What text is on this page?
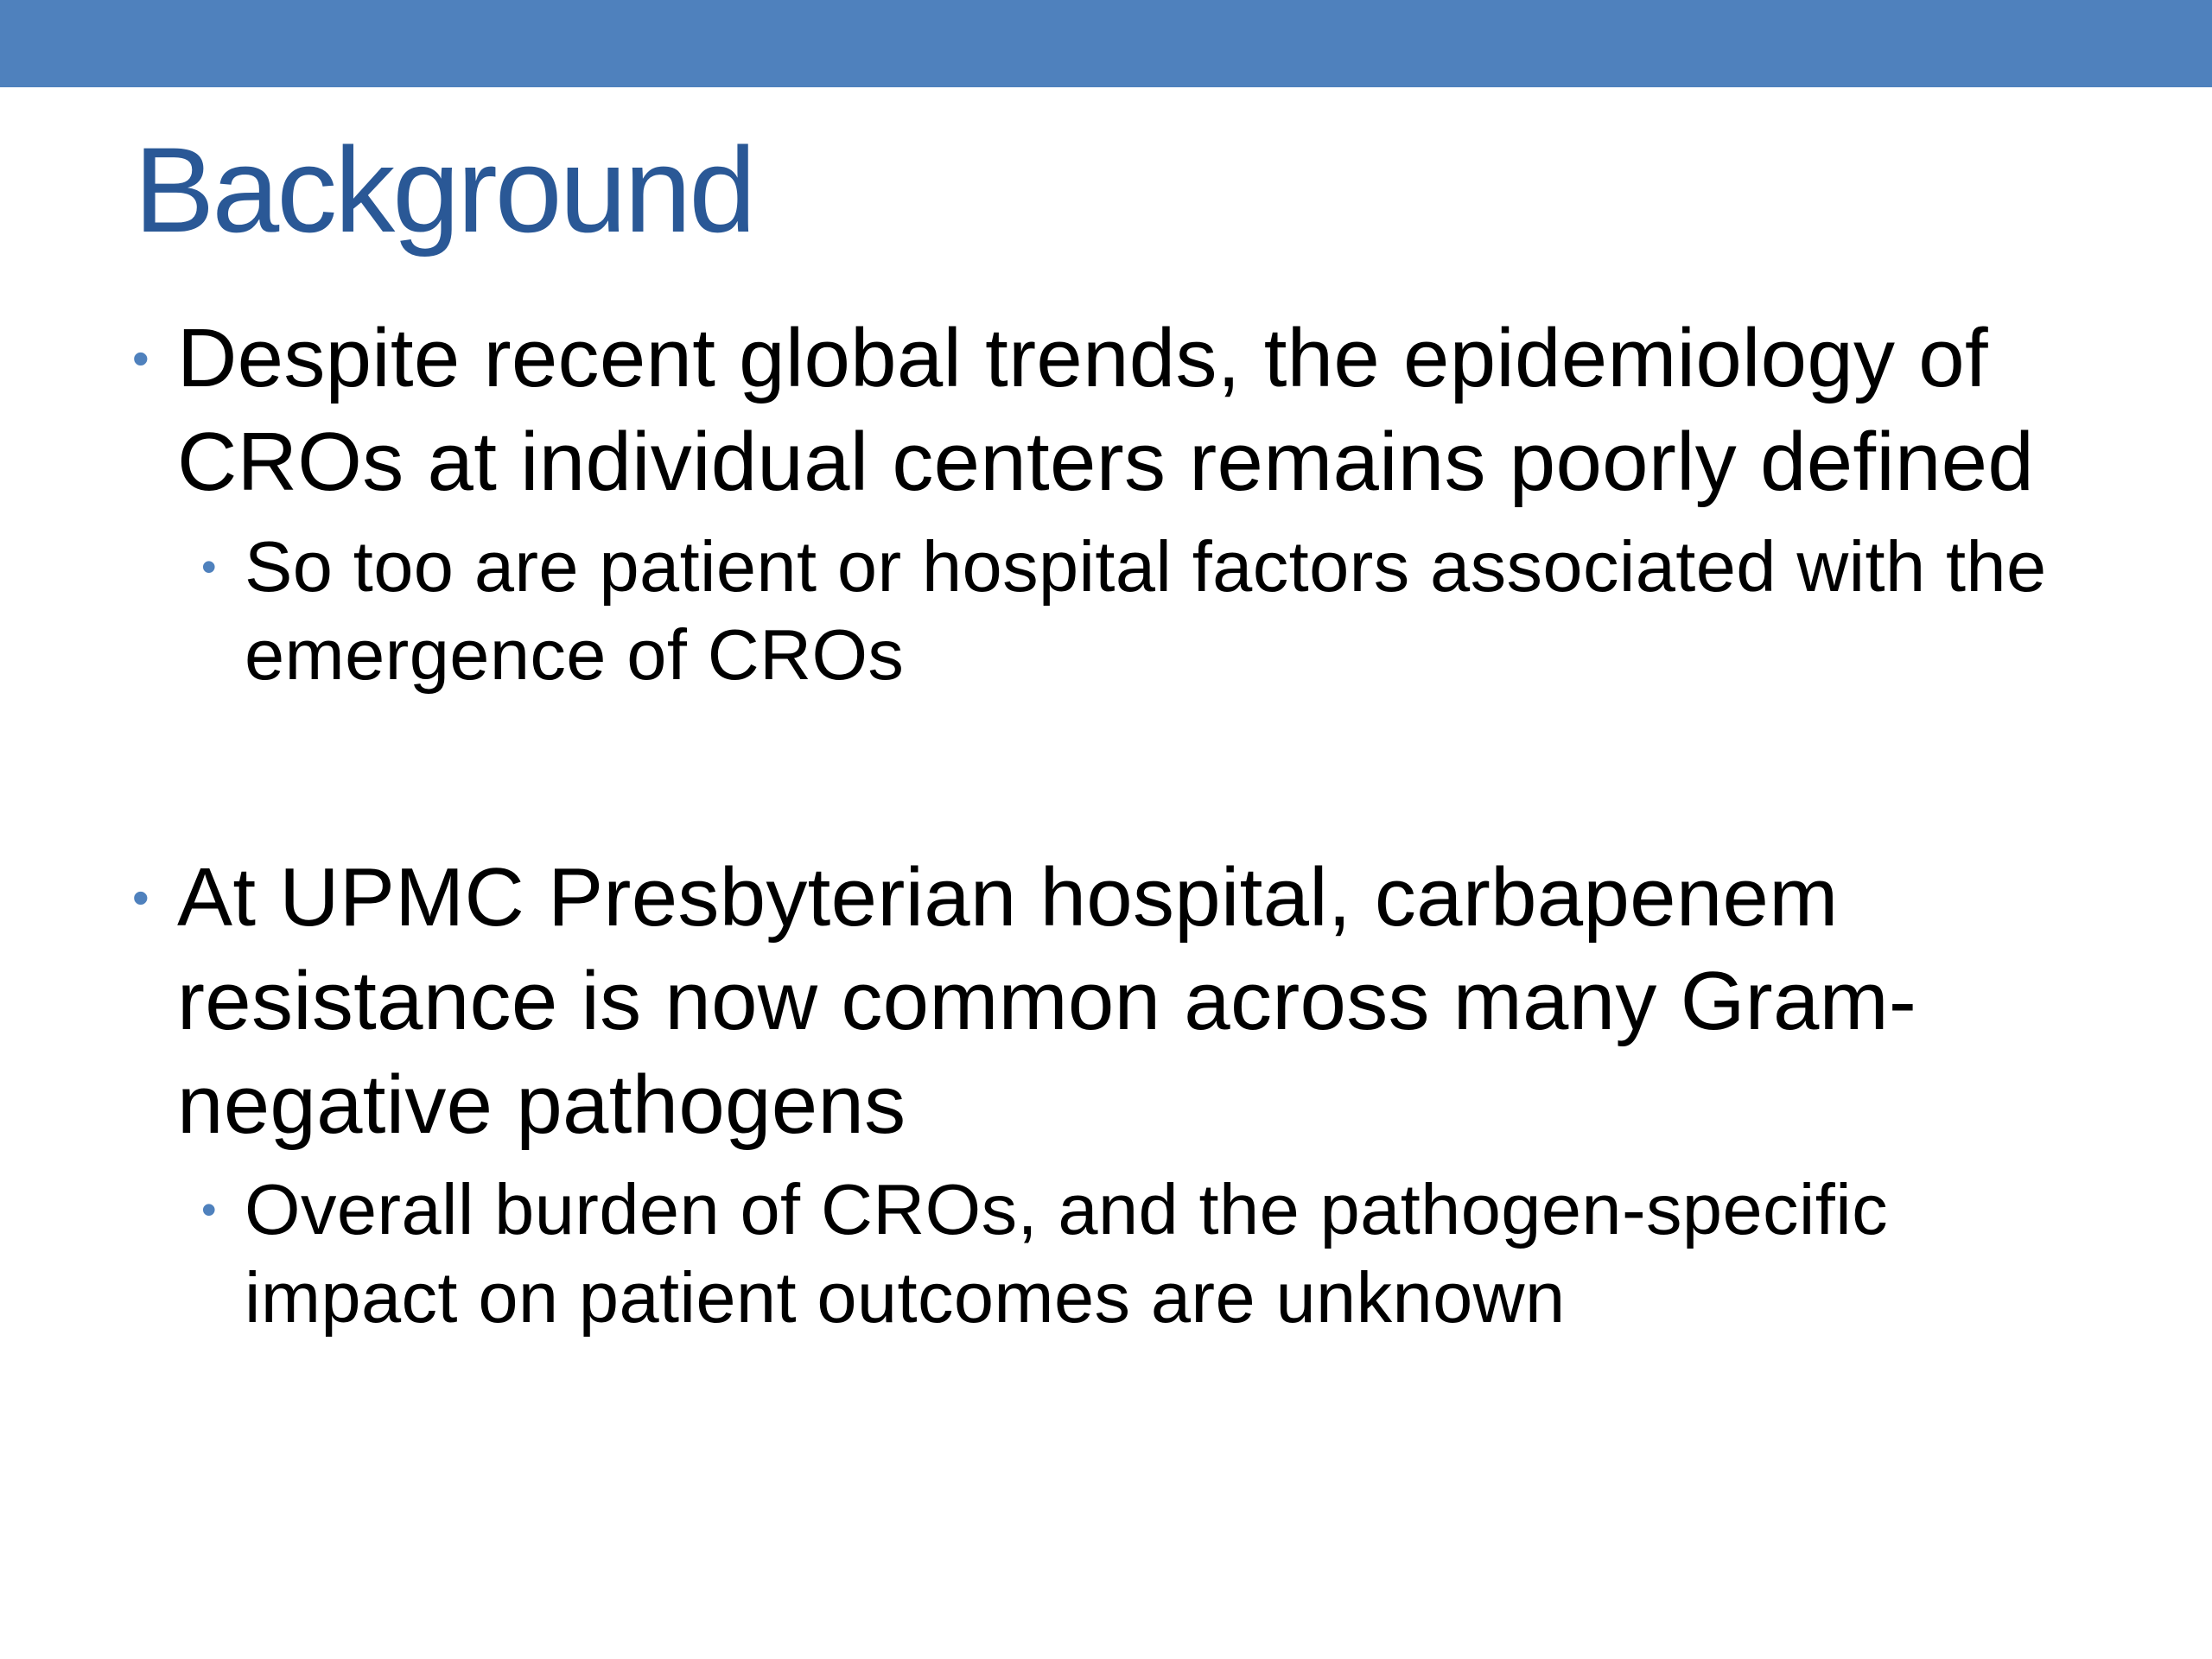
Background
• Despite recent global trends, the epidemiology of CROs at individual centers remains poorly defined
• So too are patient or hospital factors associated with the emergence of CROs
• At UPMC Presbyterian hospital, carbapenem resistance is now common across many Gram-negative pathogens
• Overall burden of CROs, and the pathogen-specific impact on patient outcomes are unknown
